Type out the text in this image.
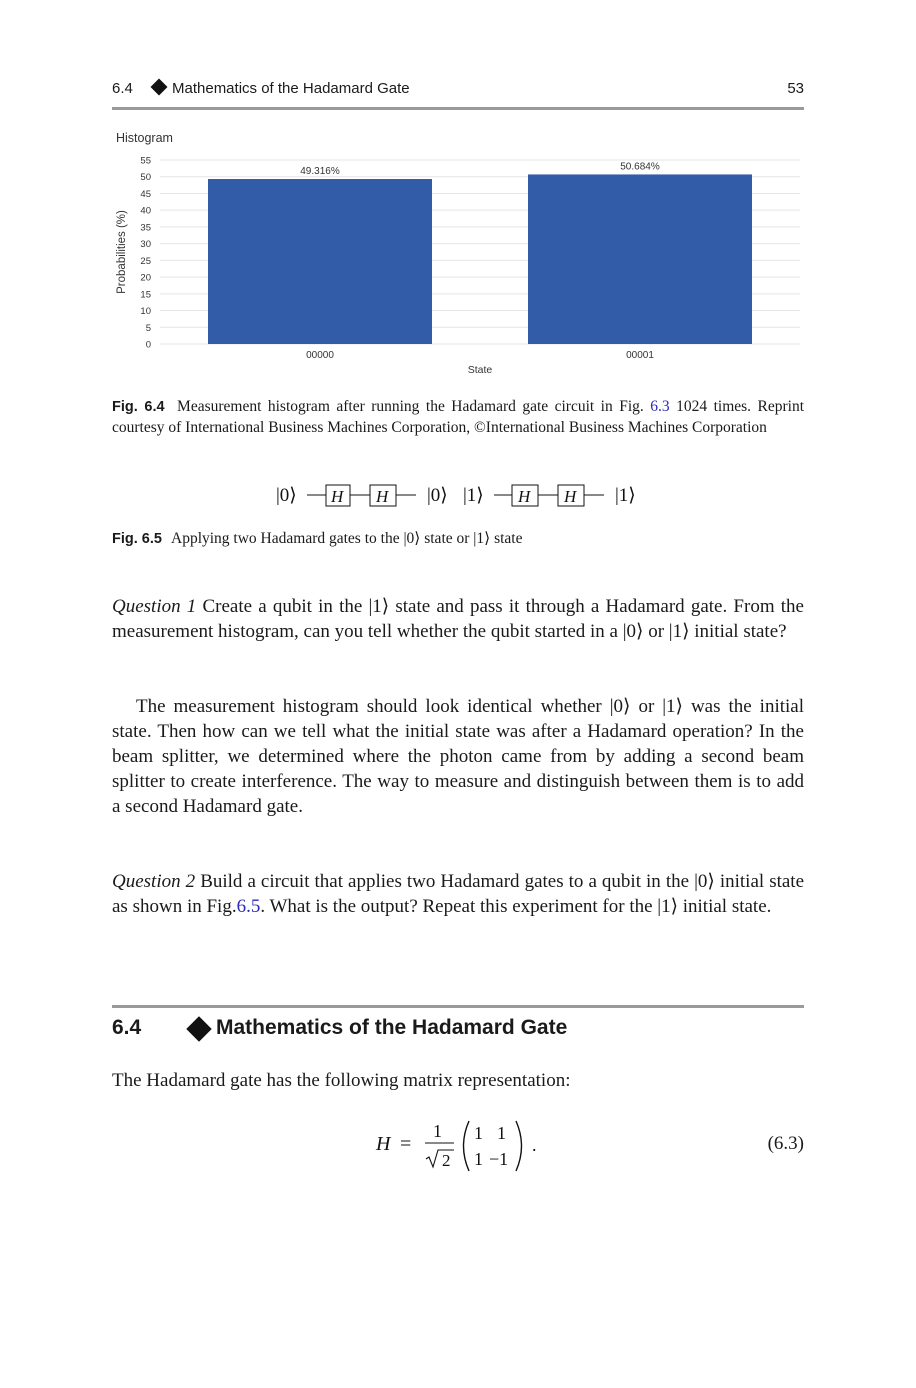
6.4	Mathematics of the Hadamard Gate	53
Histogram
0
5
10
15
20
25
30
35
40
45
50
55
Probabilities (%)
49.316%
00000
50.684%
00001
State
Fig. 6.4 Measurement histogram after running the Hadamard gate circuit in Fig. 6.3 1024 times. Reprint courtesy of International Business Machines Corporation, ©International Business Machines Corporation
|0⟩ H H |0⟩ |1⟩ H H |1⟩
Fig. 6.5 Applying two Hadamard gates to the |0⟩ state or |1⟩ state
Question 1 Create a qubit in the |1⟩ state and pass it through a Hadamard gate. From the measurement histogram, can you tell whether the qubit started in a |0⟩ or |1⟩ initial state?
The measurement histogram should look identical whether |0⟩ or |1⟩ was the initial state. Then how can we tell what the initial state was after a Hadamard operation? In the beam splitter, we determined where the photon came from by adding a second beam splitter to create interference. The way to measure and distinguish between them is to add a second Hadamard gate.
Question 2 Build a circuit that applies two Hadamard gates to a qubit in the |0⟩ initial state as shown in Fig.6.5. What is the output? Repeat this experiment for the |1⟩ initial state.
6.4	Mathematics of the Hadamard Gate
The Hadamard gate has the following matrix representation:
H =
1
2
1 1
1 −1
.	(6.3)
